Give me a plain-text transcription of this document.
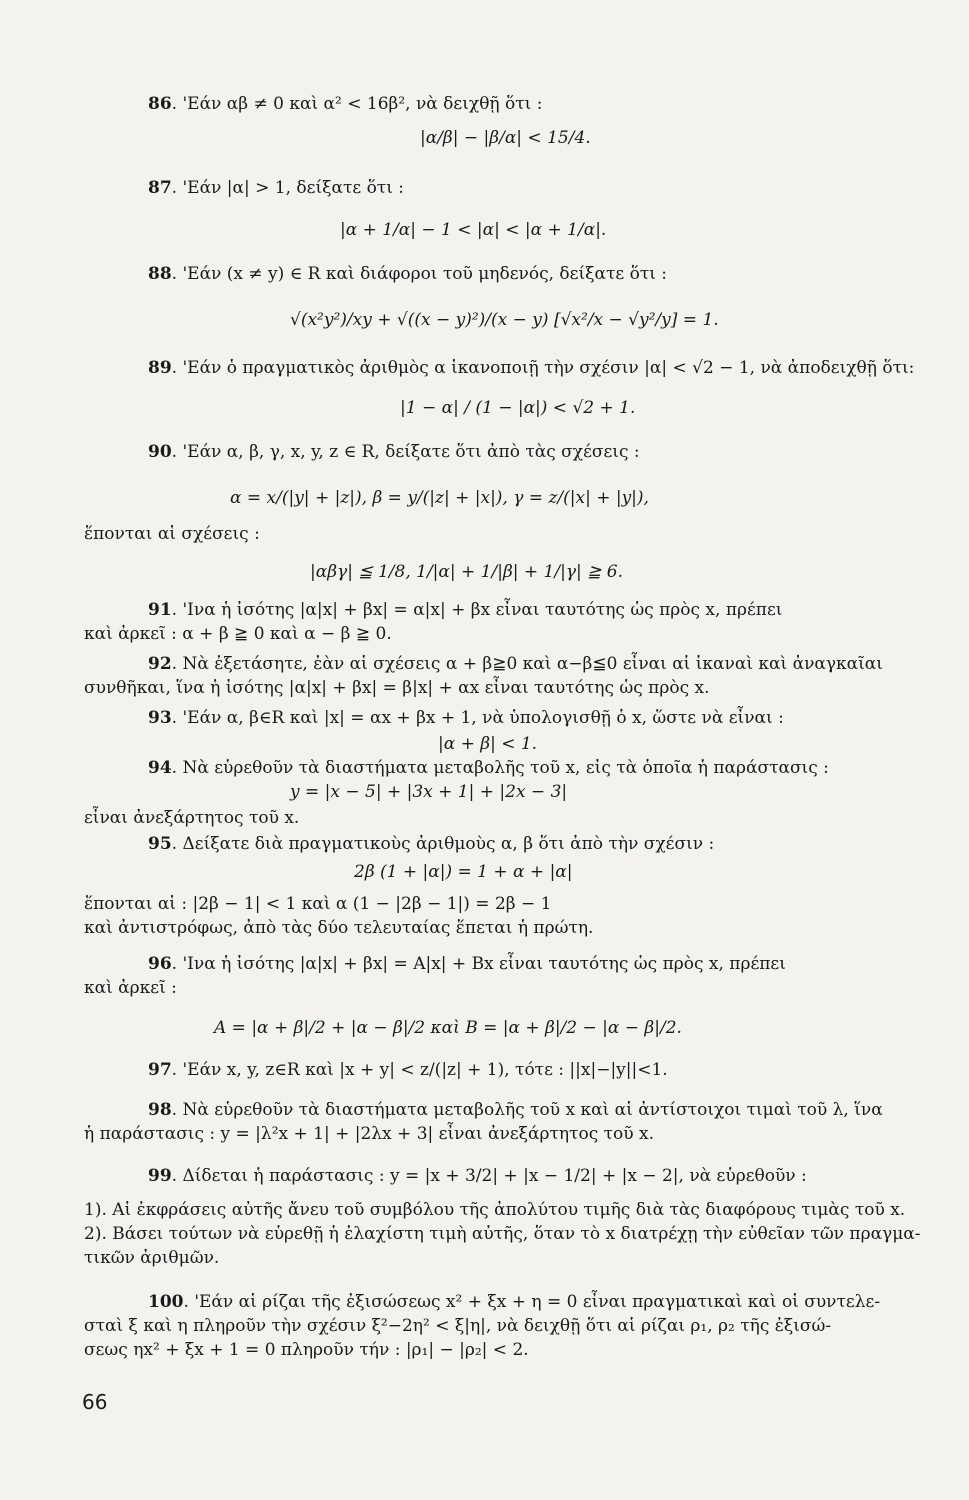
86. 'Εάν αβ ≠ 0 καὶ α² < 16β², νὰ δειχθῇ ὅτι :
|α/β| − |β/α| < 15/4.
87. 'Εάν |α| > 1, δείξατε ὅτι :
|α + 1/α| − 1 < |α| < |α + 1/α|.
88. 'Εάν (x ≠ y) ∈ R καὶ διάφοροι τοῦ μηδενός, δείξατε ὅτι :
√(x²y²)/xy + √((x − y)²)/(x − y) [√x²/x − √y²/y] = 1.
89. 'Εάν ὁ πραγματικὸς ἀριθμὸς α ἱκανοποιῇ τὴν σχέσιν |α| < √2 − 1, νὰ ἀποδειχθῇ ὅτι:
|1 − α| / (1 − |α|) < √2 + 1.
90. 'Εάν α, β, γ, x, y, z ∈ R, δείξατε ὅτι ἀπὸ τὰς σχέσεις :
α = x/(|y| + |z|), β = y/(|z| + |x|), γ = z/(|x| + |y|),
ἕπονται αἱ σχέσεις :
|αβγ| ≦ 1/8, 1/|α| + 1/|β| + 1/|γ| ≧ 6.
91. 'Ινα ἡ ἰσότης |α|x| + βx| = α|x| + βx εἶναι ταυτότης ὡς πρὸς x, πρέπει
καὶ ἀρκεῖ : α + β ≧ 0 καὶ α − β ≧ 0.
92. Νὰ ἐξετάσητε, ἐὰν αἱ σχέσεις α + β≧0 καὶ α−β≦0 εἶναι αἱ ἱκαναὶ καὶ ἀναγκαῖαι
συνθῆκαι, ἵνα ἡ ἰσότης |α|x| + βx| = β|x| + αx εἶναι ταυτότης ὡς πρὸς x.
93. 'Εάν α, β∈R καὶ |x| = αx + βx + 1, νὰ ὑπολογισθῇ ὁ x, ὥστε νὰ εἶναι :
|α + β| < 1.
94. Νὰ εὑρεθοῦν τὰ διαστήματα μεταβολῆς τοῦ x, εἰς τὰ ὁποῖα ἡ παράστασις :
y = |x − 5| + |3x + 1| + |2x − 3|
εἶναι ἀνεξάρτητος τοῦ x.
95. Δείξατε διὰ πραγματικοὺς ἀριθμοὺς α, β ὅτι ἀπὸ τὴν σχέσιν :
2β (1 + |α|) = 1 + α + |α|
ἕπονται αἱ : |2β − 1| < 1 καὶ α (1 − |2β − 1|) = 2β − 1
καὶ ἀντιστρόφως, ἀπὸ τὰς δύο τελευταίας ἕπεται ἡ πρώτη.
96. 'Ινα ἡ ἰσότης |α|x| + βx| = A|x| + Bx εἶναι ταυτότης ὡς πρὸς x, πρέπει
καὶ ἀρκεῖ :
A = |α + β|/2 + |α − β|/2 καὶ B = |α + β|/2 − |α − β|/2.
97. 'Εάν x, y, z∈R καὶ |x + y| < z/(|z| + 1), τότε : ||x|−|y||<1.
98. Νὰ εὑρεθοῦν τὰ διαστήματα μεταβολῆς τοῦ x καὶ αἱ ἀντίστοιχοι τιμαὶ τοῦ λ, ἵνα
ἡ παράστασις : y = |λ²x + 1| + |2λx + 3| εἶναι ἀνεξάρτητος τοῦ x.
99. Δίδεται ἡ παράστασις : y = |x + 3/2| + |x − 1/2| + |x − 2|, νὰ εὑρεθοῦν :
1). Αἱ ἐκφράσεις αὐτῆς ἄνευ τοῦ συμβόλου τῆς ἀπολύτου τιμῆς διὰ τὰς διαφόρους τιμὰς τοῦ x.
2). Βάσει τούτων νὰ εὑρεθῇ ἡ ἐλαχίστη τιμὴ αὐτῆς, ὅταν τὸ x διατρέχῃ τὴν εὐθεῖαν τῶν πραγμα-
τικῶν ἀριθμῶν.
100. 'Εάν αἱ ρίζαι τῆς ἐξισώσεως x² + ξx + η = 0 εἶναι πραγματικαὶ καὶ οἱ συντελε-
σταὶ ξ καὶ η πληροῦν τὴν σχέσιν ξ²−2η² < ξ|η|, νὰ δειχθῇ ὅτι αἱ ρίζαι ρ₁, ρ₂ τῆς ἐξισώ-
σεως ηx² + ξx + 1 = 0 πληροῦν τήν : |ρ₁| − |ρ₂| < 2.
66
